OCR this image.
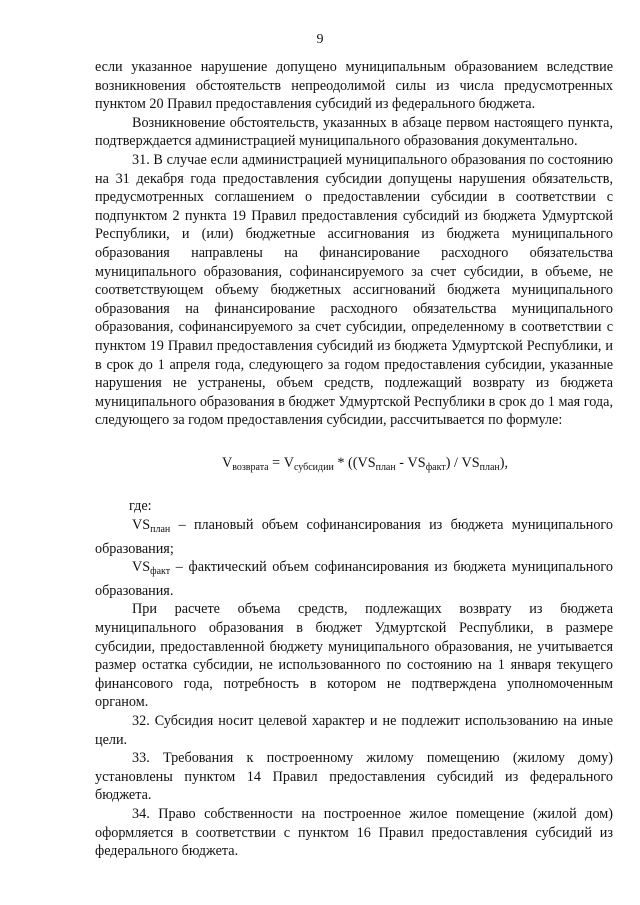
9

если указанное нарушение допущено муниципальным образованием вследствие возникновения обстоятельств непреодолимой силы из числа предусмотренных пунктом 20 Правил предоставления субсидий из федерального бюджета.

Возникновение обстоятельств, указанных в абзаце первом настоящего пункта, подтверждается администрацией муниципального образования документально.

31. В случае если администрацией муниципального образования по состоянию на 31 декабря года предоставления субсидии допущены нарушения обязательств, предусмотренных соглашением о предоставлении субсидии в соответствии с подпунктом 2 пункта 19 Правил предоставления субсидий из бюджета Удмуртской Республики, и (или) бюджетные ассигнования из бюджета муниципального образования направлены на финансирование расходного обязательства муниципального образования, софинансируемого за счет субсидии, в объеме, не соответствующем объему бюджетных ассигнований бюджета муниципального образования на финансирование расходного обязательства муниципального образования, софинансируемого за счет субсидии, определенному в соответствии с пунктом 19 Правил предоставления субсидий из бюджета Удмуртской Республики, и в срок до 1 апреля года, следующего за годом предоставления субсидии, указанные нарушения не устранены, объем средств, подлежащий возврату из бюджета муниципального образования в бюджет Удмуртской Республики в срок до 1 мая года, следующего за годом предоставления субсидии, рассчитывается по формуле:

$V_{возврата} = V_{субсидии} * ((VS_{план} - VS_{факт}) / VS_{план})$,

где:

$VS_{план}$ – плановый объем софинансирования из бюджета муниципального образования;

$VS_{факт}$ – фактический объем софинансирования из бюджета муниципального образования.

При расчете объема средств, подлежащих возврату из бюджета муниципального образования в бюджет Удмуртской Республики, в размере субсидии, предоставленной бюджету муниципального образования, не учитывается размер остатка субсидии, не использованного по состоянию на 1 января текущего финансового года, потребность в котором не подтверждена уполномоченным органом.

32. Субсидия носит целевой характер и не подлежит использованию на иные цели.

33. Требования к построенному жилому помещению (жилому дому) установлены пунктом 14 Правил предоставления субсидий из федерального бюджета.

34. Право собственности на построенное жилое помещение (жилой дом) оформляется в соответствии с пунктом 16 Правил предоставления субсидий из федерального бюджета.
